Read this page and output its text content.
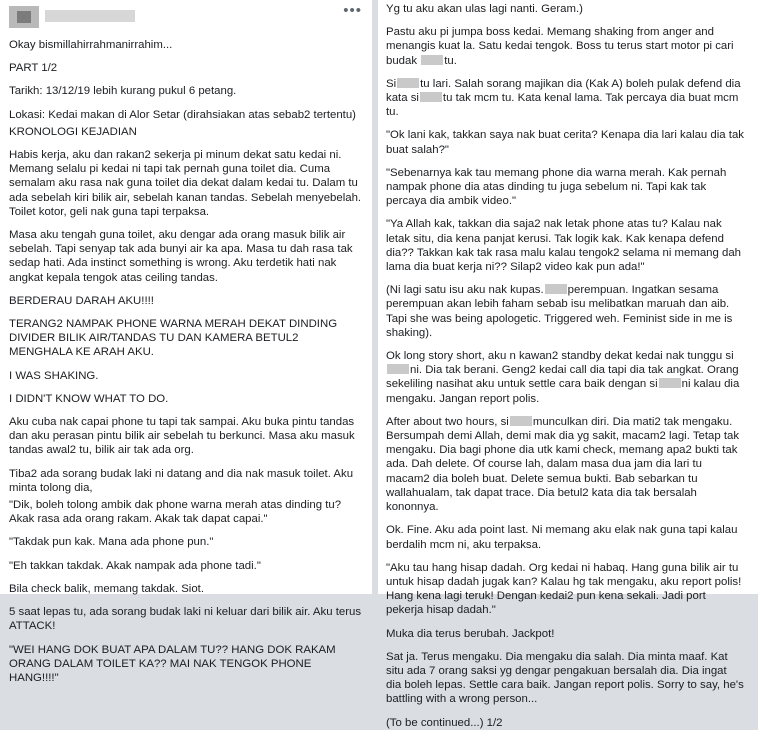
•••
Okay bismillahirrahmanirrahim...
PART 1/2
Tarikh: 13/12/19 lebih kurang pukul 6 petang.
Lokasi: Kedai makan di Alor Setar (dirahsiakan atas sebab2 tertentu)
KRONOLOGI KEJADIAN
Habis kerja, aku dan rakan2 sekerja pi minum dekat satu kedai ni. Memang selalu pi kedai ni tapi tak pernah guna toilet dia. Cuma semalam aku rasa nak guna toilet dia dekat dalam kedai tu. Dalam tu ada sebelah kiri bilik air, sebelah kanan tandas. Sebelah menyebelah. Toilet kotor, geli nak guna tapi terpaksa.
Masa aku tengah guna toilet, aku dengar ada orang masuk bilik air sebelah. Tapi senyap tak ada bunyi air ka apa. Masa tu dah rasa tak sedap hati. Ada instinct something is wrong. Aku terdetik hati nak angkat kepala tengok atas ceiling tandas.
BERDERAU DARAH AKU!!!!
TERANG2 NAMPAK PHONE WARNA MERAH DEKAT DINDING DIVIDER BILIK AIR/TANDAS TU DAN KAMERA BETUL2 MENGHALA KE ARAH AKU.
I WAS SHAKING.
I DIDN'T KNOW WHAT TO DO.
Aku cuba nak capai phone tu tapi tak sampai. Aku buka pintu tandas dan aku perasan pintu bilik air sebelah tu berkunci. Masa aku masuk tandas awal2 tu, bilik air tak ada org.
Tiba2 ada sorang budak laki ni datang and dia nak masuk toilet. Aku minta tolong dia,
"Dik, boleh tolong ambik dak phone warna merah atas dinding tu? Akak rasa ada orang rakam. Akak tak dapat capai."
"Takdak pun kak. Mana ada phone pun."
"Eh takkan takdak. Akak nampak ada phone tadi."
Bila check balik, memang takdak. Siot.
5 saat lepas tu, ada sorang budak laki ni keluar dari bilik air. Aku terus ATTACK!
"WEI HANG DOK BUAT APA DALAM TU?? HANG DOK RAKAM ORANG DALAM TOILET KA?? MAI NAK TENGOK PHONE HANG!!!!"
Yg tu aku akan ulas lagi nanti. Geram.)
Pastu aku pi jumpa boss kedai. Memang shaking from anger and menangis kuat la. Satu kedai tengok. Boss tu terus start motor pi cari budak tu.
Si tu lari. Salah sorang majikan dia (Kak A) boleh pulak defend dia kata si tu tak mcm tu. Kata kenal lama. Tak percaya dia buat mcm tu.
"Ok lani kak, takkan saya nak buat cerita? Kenapa dia lari kalau dia tak buat salah?"
"Sebenarnya kak tau memang phone dia warna merah. Kak pernah nampak phone dia atas dinding tu juga sebelum ni. Tapi kak tak percaya dia ambik video."
"Ya Allah kak, takkan dia saja2 nak letak phone atas tu? Kalau nak letak situ, dia kena panjat kerusi. Tak logik kak. Kak kenapa defend dia?? Takkan kak tak rasa malu kalau tengok2 selama ni memang dah lama dia buat kerja ni?? Silap2 video kak pun ada!"
(Ni lagi satu isu aku nak kupas. perempuan. Ingatkan sesama perempuan akan lebih faham sebab isu melibatkan maruah dan aib. Tapi she was being apologetic. Triggered weh. Feminist side in me is shaking).
Ok long story short, aku n kawan2 standby dekat kedai nak tunggu sini. Dia tak berani. Geng2 kedai call dia tapi dia tak angkat. Orang sekeliling nasihat aku untuk settle cara baik dengan si ni kalau dia mengaku. Jangan report polis.
After about two hours, si munculkan diri. Dia mati2 tak mengaku. Bersumpah demi Allah, demi mak dia yg sakit, macam2 lagi. Tetap tak mengaku. Dia bagi phone dia utk kami check, memang apa2 bukti tak ada. Dah delete. Of course lah, dalam masa dua jam dia lari tu macam2 dia boleh buat. Delete semua bukti. Bab sebarkan tu wallahualam, tak dapat trace. Dia betul2 kata dia tak bersalah kononnya.
Ok. Fine. Aku ada point last. Ni memang aku elak nak guna tapi kalau berdalih mcm ni, aku terpaksa.
"Aku tau hang hisap dadah. Org kedai ni habaq. Hang guna bilik air tu untuk hisap dadah jugak kan? Kalau hg tak mengaku, aku report polis! Hang kena lagi teruk! Dengan kedai2 pun kena sekali. Jadi port pekerja hisap dadah."
Muka dia terus berubah. Jackpot!
Sat ja. Terus mengaku. Dia mengaku dia salah. Dia minta maaf. Kat situ ada 7 orang saksi yg dengar pengakuan bersalah dia. Dia ingat dia boleh lepas. Settle cara baik. Jangan report polis. Sorry to say, he's battling with a wrong person...
(To be continued...) 1/2
